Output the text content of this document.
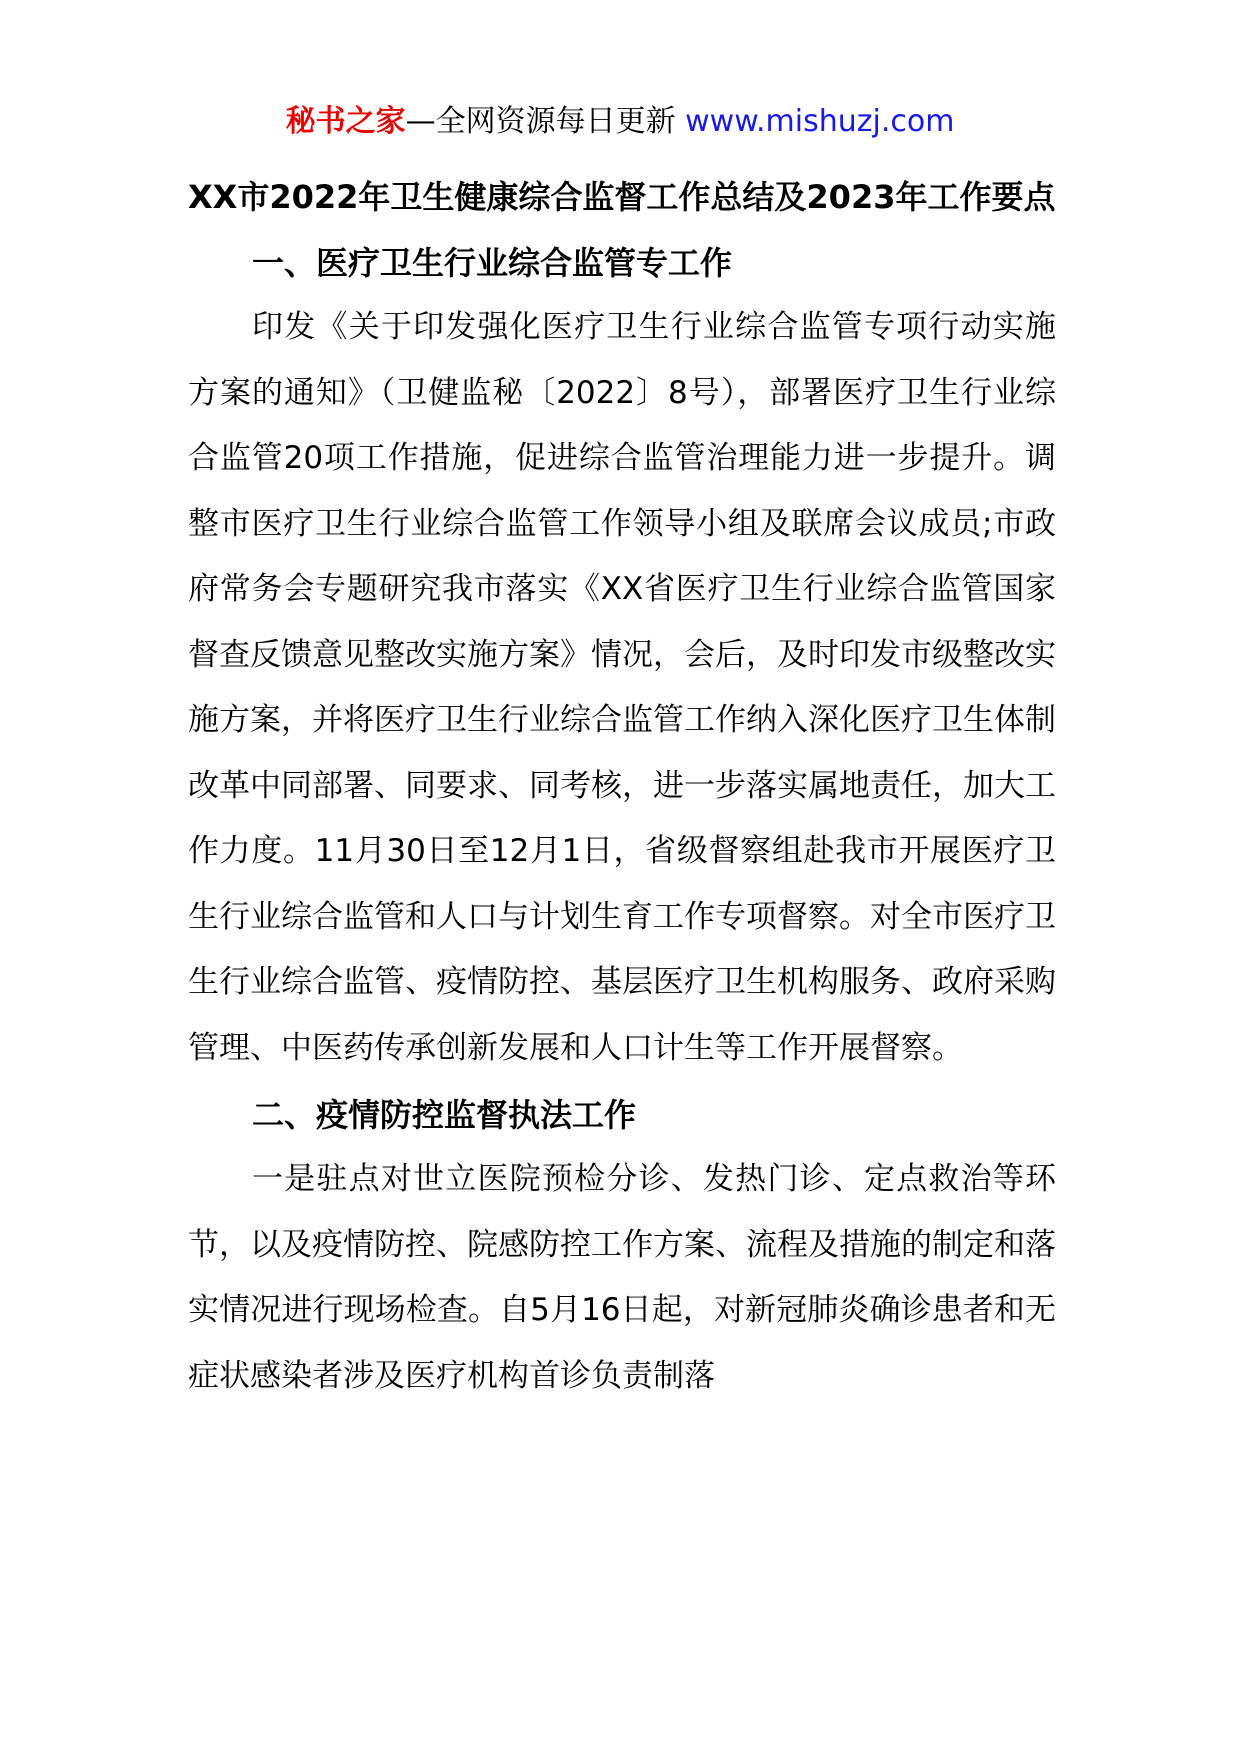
秘书之家—全网资源每日更新 www.mishuzj.com

XX市2022年卫生健康综合监督工作总结及2023年工作要点

一、医疗卫生行业综合监管专工作

印发《关于印发强化医疗卫生行业综合监管专项行动实施方案的通知》（卫健监秘〔2022〕8号），部署医疗卫生行业综合监管20项工作措施，促进综合监管治理能力进一步提升。调整市医疗卫生行业综合监管工作领导小组及联席会议成员;市政府常务会专题研究我市落实《XX省医疗卫生行业综合监管国家督查反馈意见整改实施方案》情况，会后，及时印发市级整改实施方案，并将医疗卫生行业综合监管工作纳入深化医疗卫生体制改革中同部署、同要求、同考核，进一步落实属地责任，加大工作力度。11月30日至12月1日，省级督察组赴我市开展医疗卫生行业综合监管和人口与计划生育工作专项督察。对全市医疗卫生行业综合监管、疫情防控、基层医疗卫生机构服务、政府采购管理、中医药传承创新发展和人口计生等工作开展督察。

二、疫情防控监督执法工作

一是驻点对世立医院预检分诊、发热门诊、定点救治等环节，以及疫情防控、院感防控工作方案、流程及措施的制定和落实情况进行现场检查。自5月16日起，对新冠肺炎确诊患者和无症状感染者涉及医疗机构首诊负责制落
